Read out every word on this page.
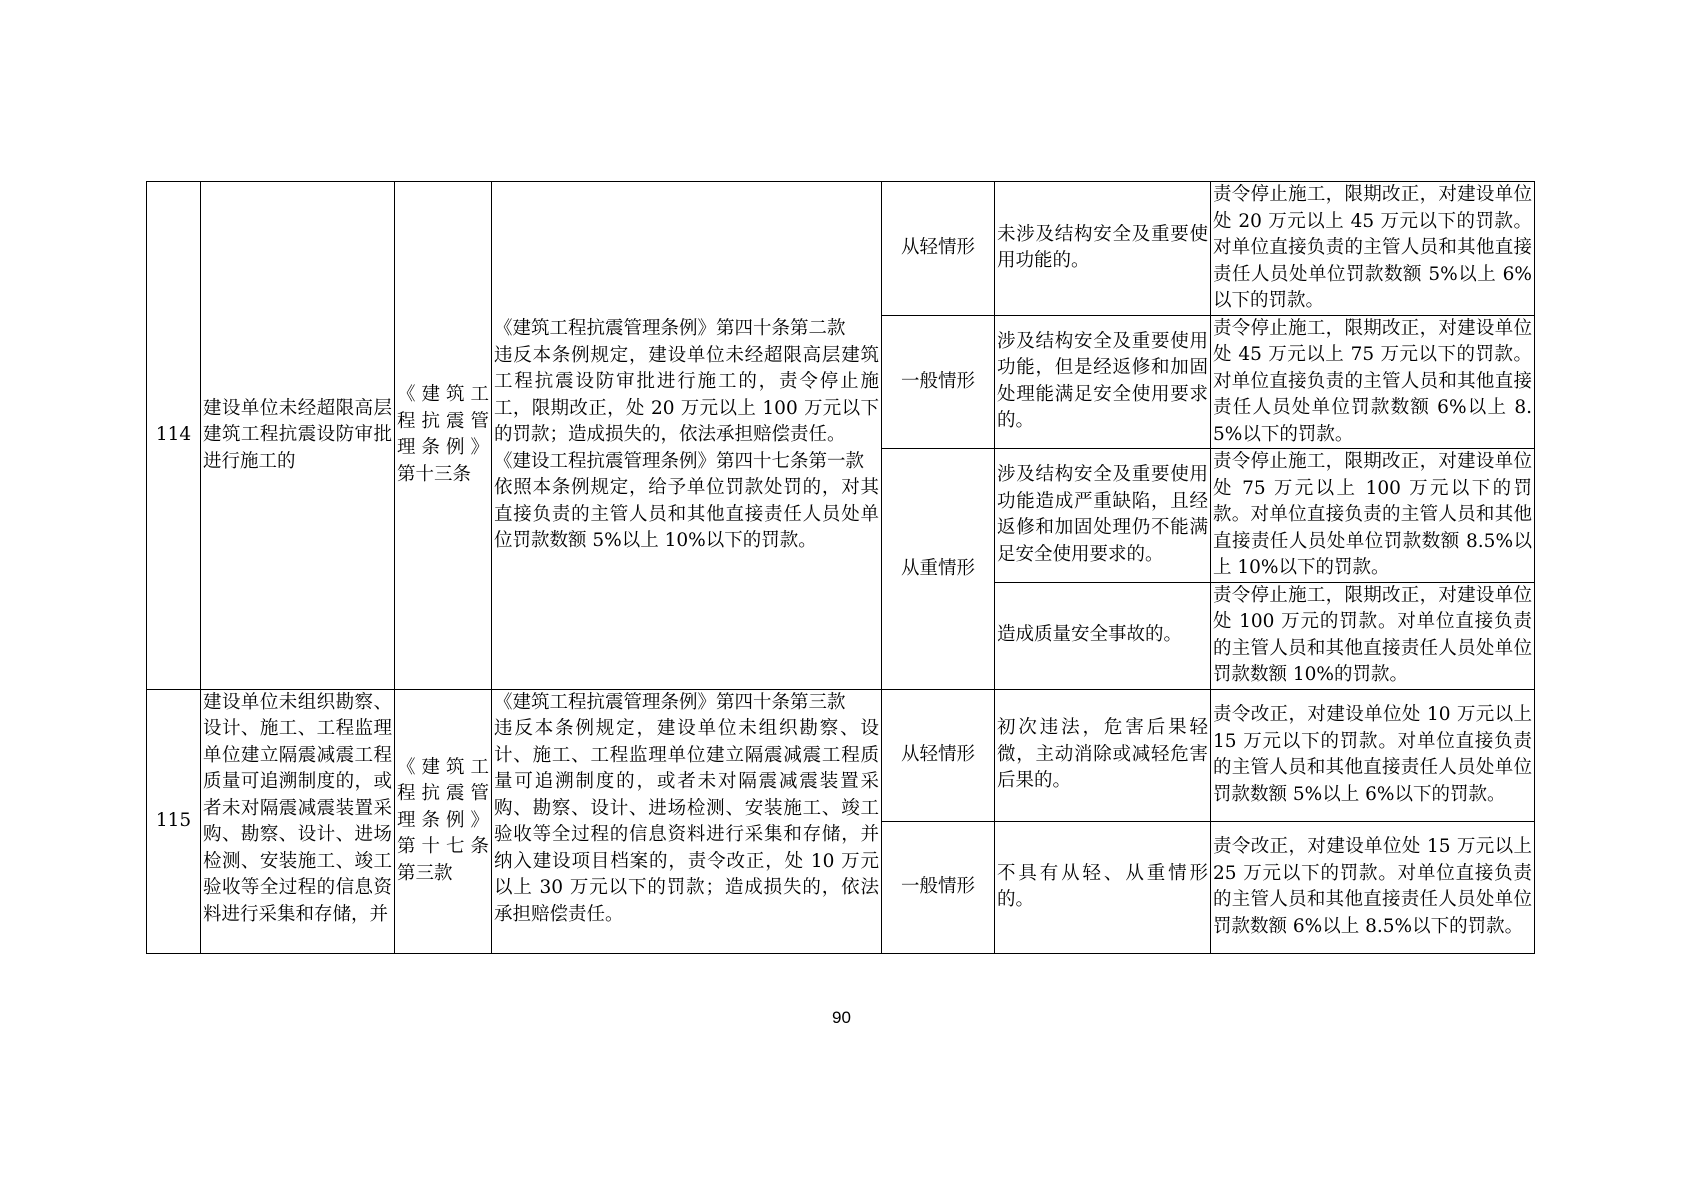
114	建设单位未经超限高层建筑工程抗震设防审批进行施工的	《建筑工程抗震管理条例》第十三条	《建筑工程抗震管理条例》第四十条第二款
违反本条例规定，建设单位未经超限高层建筑工程抗震设防审批进行施工的，责令停止施工，限期改正，处 20 万元以上 100 万元以下的罚款；造成损失的，依法承担赔偿责任。
《建设工程抗震管理条例》第四十七条第一款
依照本条例规定，给予单位罚款处罚的，对其直接负责的主管人员和其他直接责任人员处单位罚款数额 5%以上 10%以下的罚款。	从轻情形	未涉及结构安全及重要使用功能的。	责令停止施工，限期改正，对建设单位处 20 万元以上 45 万元以下的罚款。对单位直接负责的主管人员和其他直接责任人员处单位罚款数额 5%以上 6%以下的罚款。
				一般情形	涉及结构安全及重要使用功能，但是经返修和加固处理能满足安全使用要求的。	责令停止施工，限期改正，对建设单位处 45 万元以上 75 万元以下的罚款。对单位直接负责的主管人员和其他直接责任人员处单位罚款数额 6%以上 8.5%以下的罚款。
				从重情形	涉及结构安全及重要使用功能造成严重缺陷，且经返修和加固处理仍不能满足安全使用要求的。	责令停止施工，限期改正，对建设单位处 75 万元以上 100 万元以下的罚款。对单位直接负责的主管人员和其他直接责任人员处单位罚款数额 8.5%以上 10%以下的罚款。
					造成质量安全事故的。	责令停止施工，限期改正，对建设单位处 100 万元的罚款。对单位直接负责的主管人员和其他直接责任人员处单位罚款数额 10%的罚款。
115	建设单位未组织勘察、设计、施工、工程监理单位建立隔震减震工程质量可追溯制度的，或者未对隔震减震装置采购、勘察、设计、进场检测、安装施工、竣工验收等全过程的信息资料进行采集和存储，并	《建筑工程抗震管理条例》第十七条第三款	《建筑工程抗震管理条例》第四十条第三款
违反本条例规定，建设单位未组织勘察、设计、施工、工程监理单位建立隔震减震工程质量可追溯制度的，或者未对隔震减震装置采购、勘察、设计、进场检测、安装施工、竣工验收等全过程的信息资料进行采集和存储，并纳入建设项目档案的，责令改正，处 10 万元以上 30 万元以下的罚款；造成损失的，依法承担赔偿责任。	从轻情形	初次违法，危害后果轻微，主动消除或减轻危害后果的。	责令改正，对建设单位处 10 万元以上 15 万元以下的罚款。对单位直接负责的主管人员和其他直接责任人员处单位罚款数额 5%以上 6%以下的罚款。
				一般情形	不具有从轻、从重情形的。	责令改正，对建设单位处 15 万元以上 25 万元以下的罚款。对单位直接负责的主管人员和其他直接责任人员处单位罚款数额 6%以上 8.5%以下的罚款。
90
